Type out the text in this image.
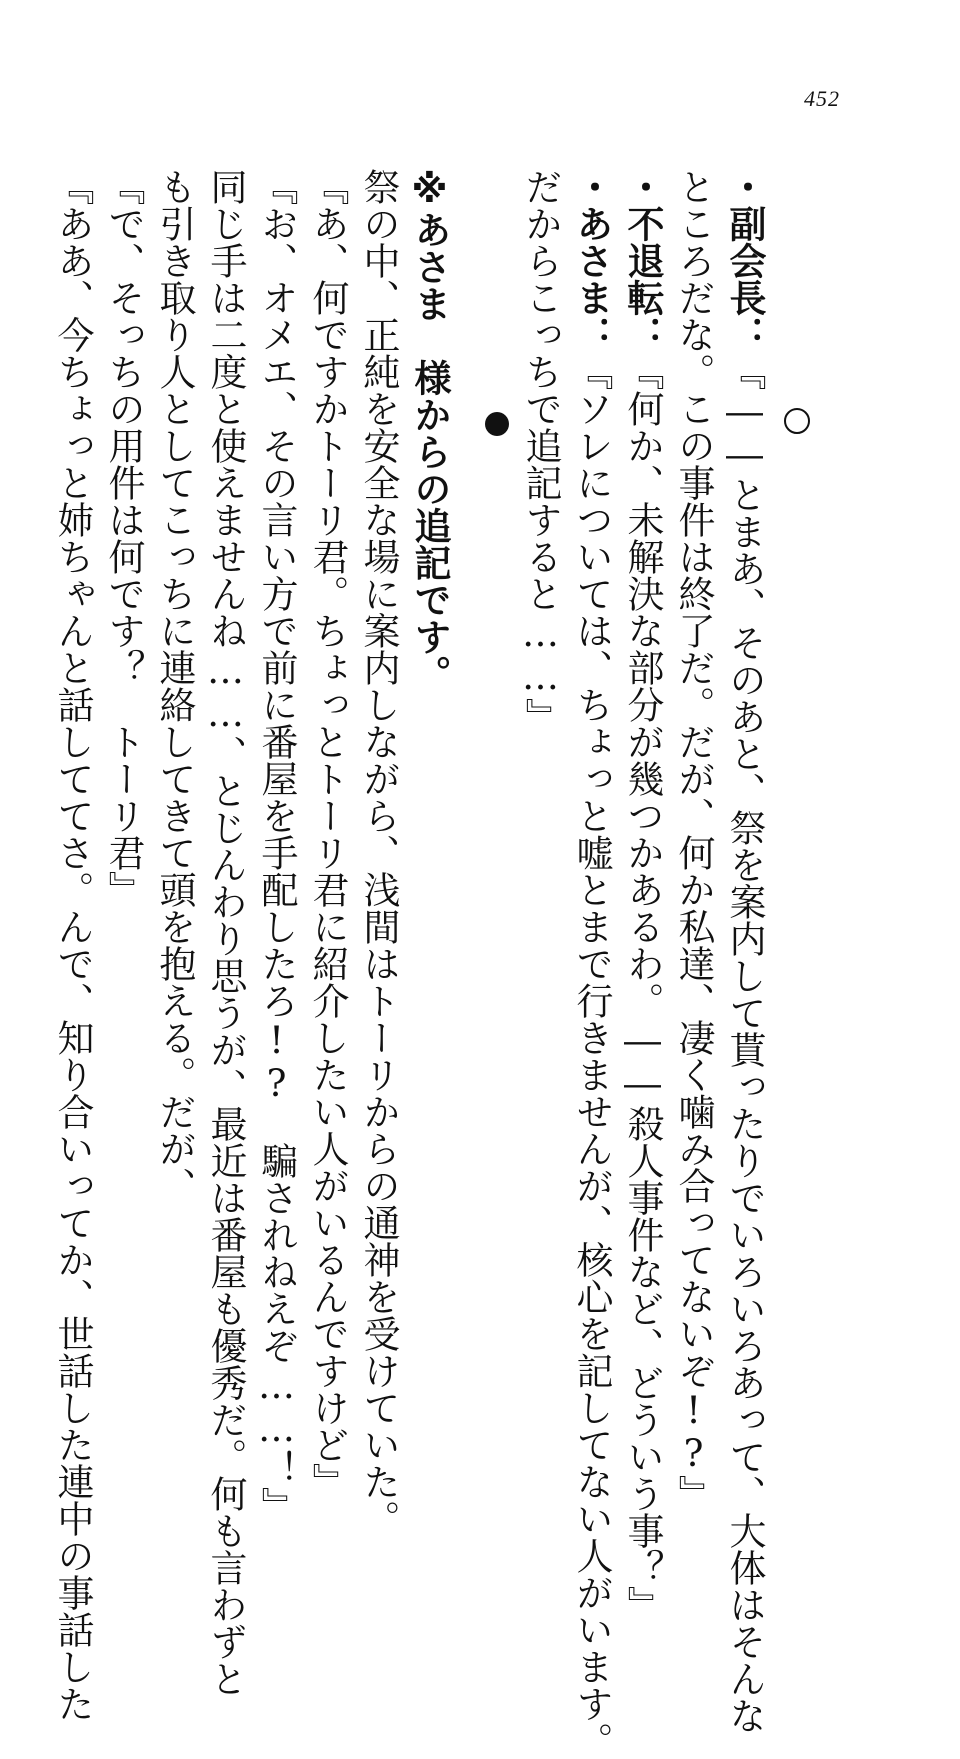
452
・副会長：『――とまあ、そのあと、祭を案内して貰ったりでいろいろあって、大体はそんな
ところだな。この事件は終了だ。だが、何か私達、凄く噛み合ってないぞ!?』
・不退転：『何か、未解決な部分が幾つかあるわ。――殺人事件など、どういう事？』
・あさま：『ソレについては、ちょっと嘘とまで行きませんが、核心を記してない人がいます。
だからこっちで追記すると……』
※あさま　様からの追記です。
祭の中、正純を安全な場に案内しながら、浅間はトーリからの通神を受けていた。
『あ、何ですかトーリ君。ちょっとトーリ君に紹介したい人がいるんですけど』
『お、オメエ、その言い方で前に番屋を手配したろ!?　騙されねえぞ……！』
同じ手は二度と使えませんね……、とじんわり思うが、最近は番屋も優秀だ。何も言わずと
も引き取り人としてこっちに連絡してきて頭を抱える。だが、
『で、そっちの用件は何です？　トーリ君』
『ああ、今ちょっと姉ちゃんと話しててさ。んで、知り合いってか、世話した連中の事話した
